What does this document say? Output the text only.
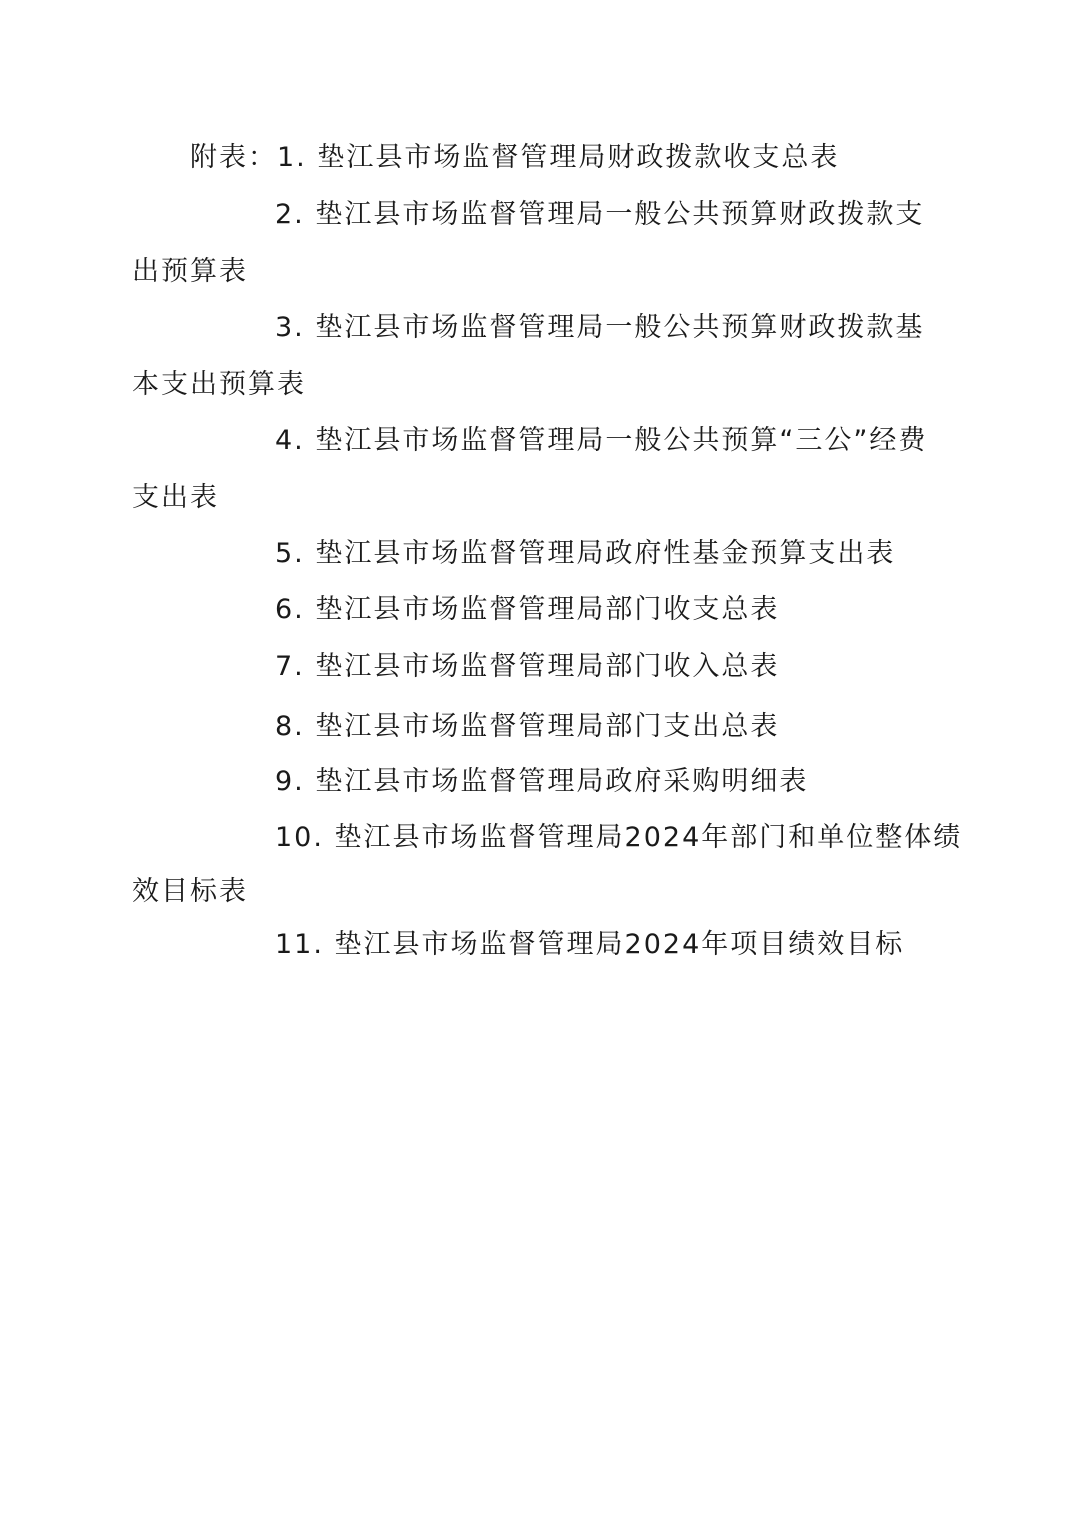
附表：1. 垫江县市场监督管理局财政拨款收支总表
2. 垫江县市场监督管理局一般公共预算财政拨款支
出预算表
3. 垫江县市场监督管理局一般公共预算财政拨款基
本支出预算表
4. 垫江县市场监督管理局一般公共预算“三公”经费
支出表
5. 垫江县市场监督管理局政府性基金预算支出表
6. 垫江县市场监督管理局部门收支总表
7. 垫江县市场监督管理局部门收入总表
8. 垫江县市场监督管理局部门支出总表
9. 垫江县市场监督管理局政府采购明细表
10. 垫江县市场监督管理局2024年部门和单位整体绩
效目标表
11. 垫江县市场监督管理局2024年项目绩效目标
